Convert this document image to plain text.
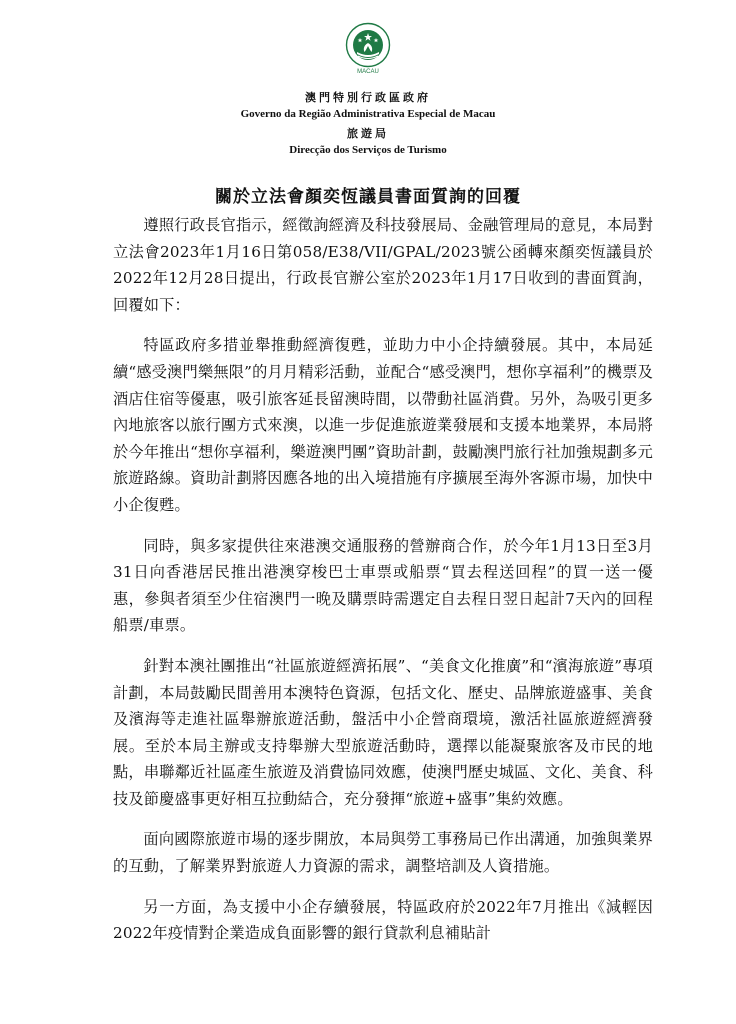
MACAU
澳門特別行政區政府
Governo da Região Administrativa Especial de Macau
旅遊局
Direcção dos Serviços de Turismo
關於立法會顏奕恆議員書面質詢的回覆

遵照行政長官指示，經徵詢經濟及科技發展局、金融管理局的意見，本局對立法會2023年1月16日第058/E38/VII/GPAL/2023號公函轉來顏奕恆議員於2022年12月28日提出，行政長官辦公室於2023年1月17日收到的書面質詢，回覆如下：

特區政府多措並舉推動經濟復甦，並助力中小企持續發展。其中，本局延續“感受澳門樂無限”的月月精彩活動，並配合“感受澳門，想你享福利”的機票及酒店住宿等優惠，吸引旅客延長留澳時間，以帶動社區消費。另外，為吸引更多內地旅客以旅行團方式來澳，以進一步促進旅遊業發展和支援本地業界，本局將於今年推出“想你享福利，樂遊澳門團”資助計劃，鼓勵澳門旅行社加強規劃多元旅遊路線。資助計劃將因應各地的出入境措施有序擴展至海外客源市場，加快中小企復甦。

同時，與多家提供往來港澳交通服務的營辦商合作，於今年1月13日至3月31日向香港居民推出港澳穿梭巴士車票或船票“買去程送回程”的買一送一優惠，參與者須至少住宿澳門一晚及購票時需選定自去程日翌日起計7天內的回程船票/車票。

針對本澳社團推出“社區旅遊經濟拓展”、“美食文化推廣”和“濱海旅遊”專項計劃，本局鼓勵民間善用本澳特色資源，包括文化、歷史、品牌旅遊盛事、美食及濱海等走進社區舉辦旅遊活動，盤活中小企營商環境，激活社區旅遊經濟發展。至於本局主辦或支持舉辦大型旅遊活動時，選擇以能凝聚旅客及市民的地點，串聯鄰近社區產生旅遊及消費協同效應，使澳門歷史城區、文化、美食、科技及節慶盛事更好相互拉動結合，充分發揮“旅遊+盛事”集約效應。

面向國際旅遊市場的逐步開放，本局與勞工事務局已作出溝通，加強與業界的互動，了解業界對旅遊人力資源的需求，調整培訓及人資措施。

另一方面，為支援中小企存續發展，特區政府於2022年7月推出《減輕因2022年疫情對企業造成負面影響的銀行貸款利息補貼計
